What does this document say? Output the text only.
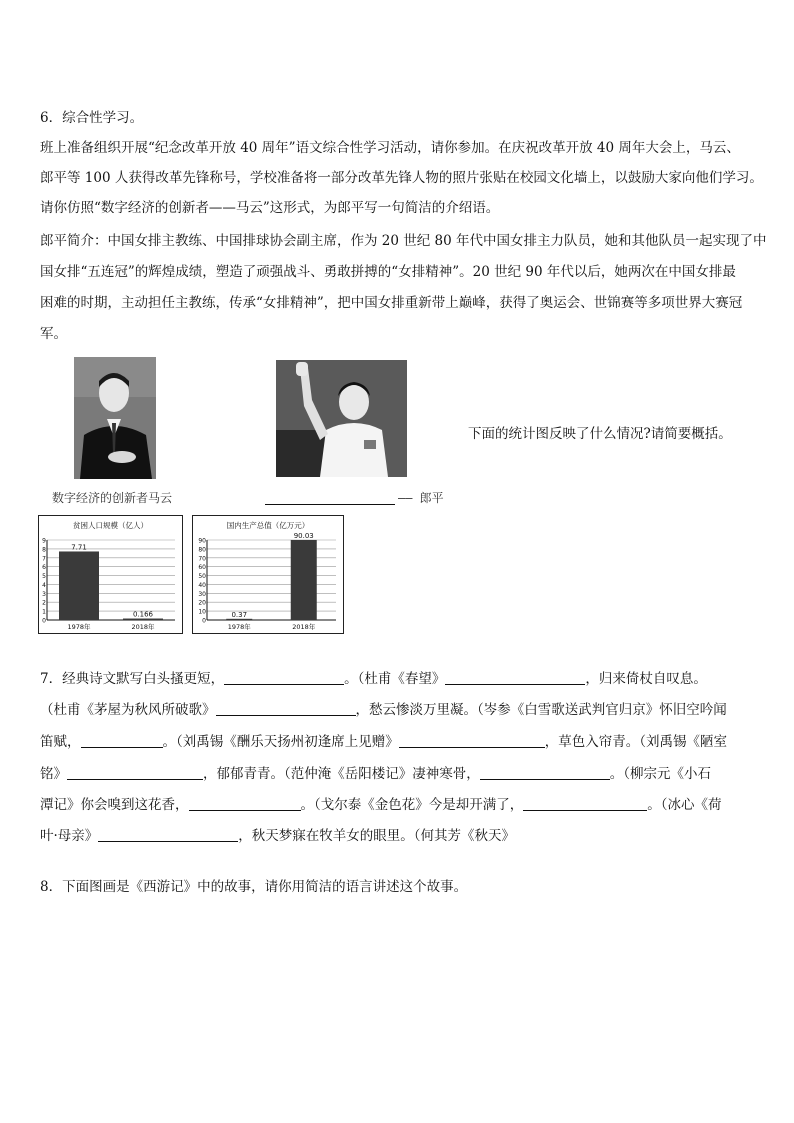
6．综合性学习。
班上准备组织开展“纪念改革开放 40 周年”语文综合性学习活动，请你参加。在庆祝改革开放 40 周年大会上，马云、
郎平等 100 人获得改革先锋称号，学校准备将一部分改革先锋人物的照片张贴在校园文化墙上，以鼓励大家向他们学习。
请你仿照“数字经济的创新者——马云”这形式，为郎平写一句简洁的介绍语。
郎平简介：中国女排主教练、中国排球协会副主席，作为 20 世纪 80 年代中国女排主力队员，她和其他队员一起实现了中
国女排“五连冠”的辉煌成绩，塑造了顽强战斗、勇敢拼搏的“女排精神”。20 世纪 90 年代以后，她两次在中国女排最
困难的时期，主动担任主教练，传承“女排精神”，把中国女排重新带上巅峰，获得了奥运会、世锦赛等多项世界大赛冠
军。
下面的统计图反映了什么情况?请简要概括。
数字经济的创新者马云	—— 郎平
贫困人口规模（亿人）
0
1
2
3
4
5
6
7
8
9
7.71
1978年
0.166
2018年
国内生产总值（亿万元）
0
10
20
30
40
50
60
70
80
90
0.37
1978年
90.03
2018年
7．经典诗文默写白头搔更短，	。（杜甫《春望》	，归来倚杖自叹息。
（杜甫《茅屋为秋风所破歌》	，愁云惨淡万里凝。（岑参《白雪歌送武判官归京》怀旧空吟闻
笛赋，	。（刘禹锡《酬乐天扬州初逢席上见赠》	，草色入帘青。（刘禹锡《陋室
铭》	，郁郁青青。（范仲淹《岳阳楼记》凄神寒骨，	。（柳宗元《小石
潭记》你会嗅到这花香，	。（戈尔泰《金色花》今是却开满了，	。（冰心《荷
叶·母亲》	，秋天梦寐在牧羊女的眼里。（何其芳《秋天》
8．下面图画是《西游记》中的故事，请你用简洁的语言讲述这个故事。
